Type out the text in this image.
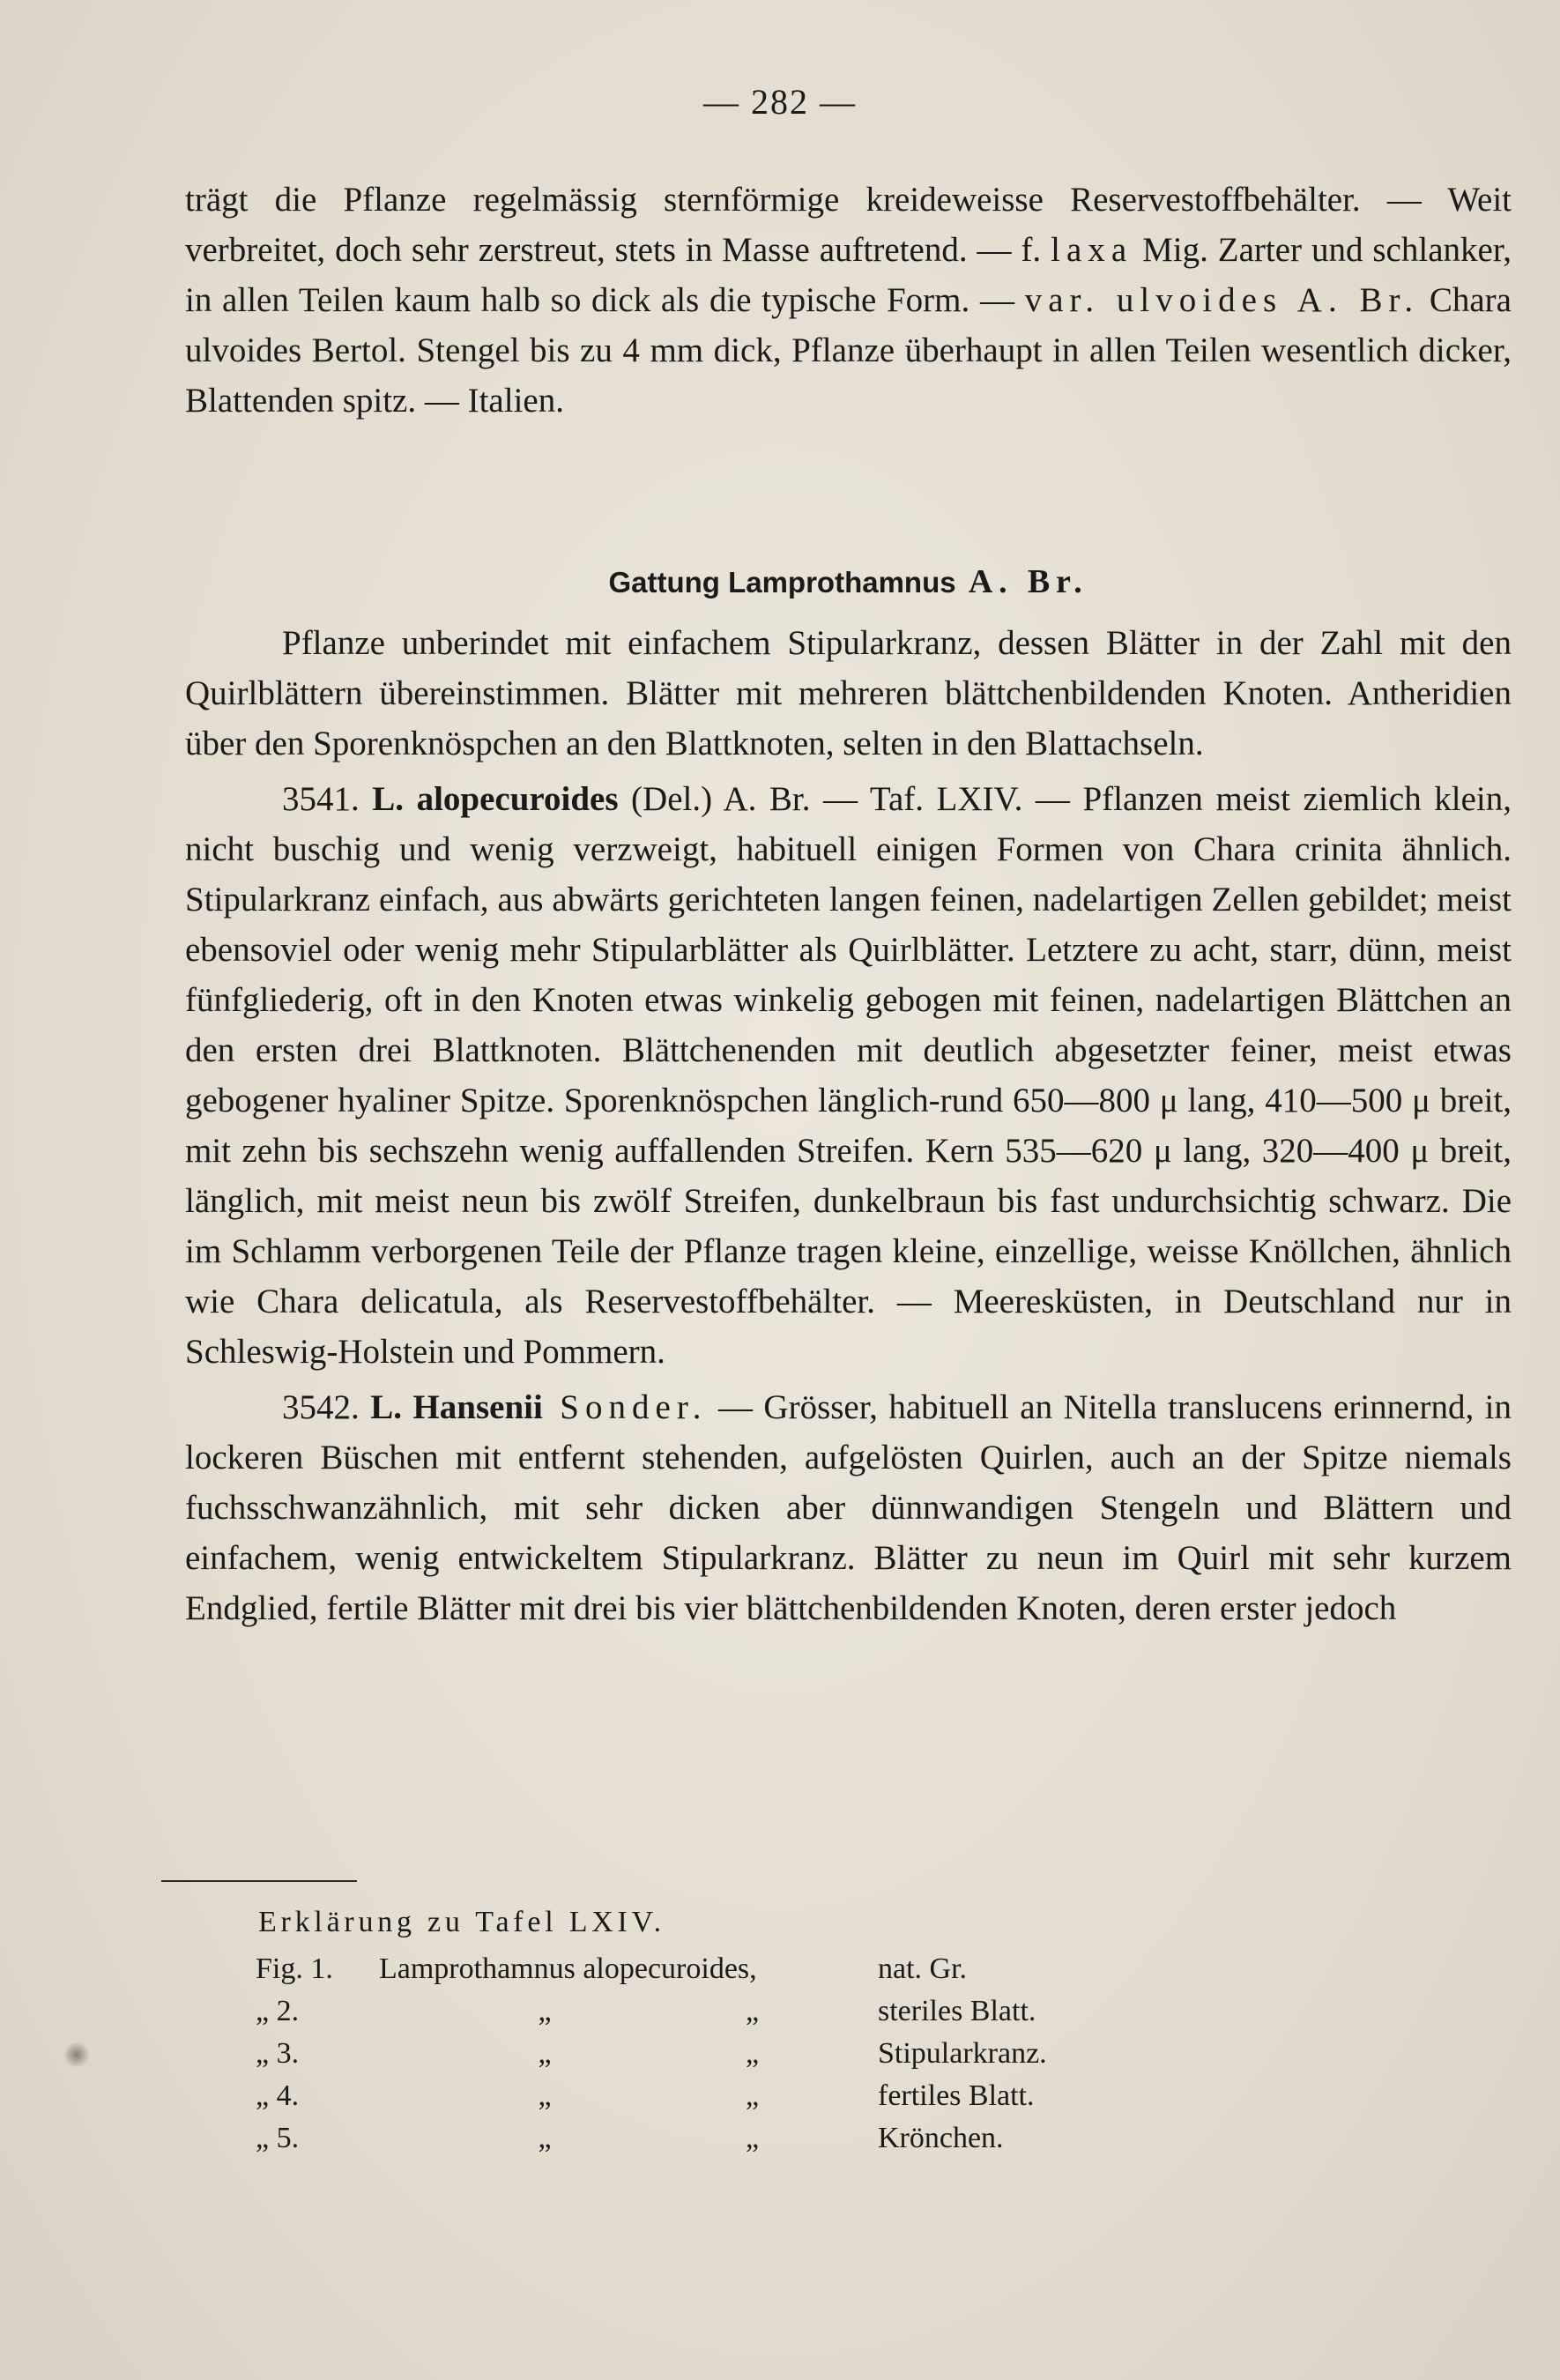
— 282 —

trägt die Pflanze regelmässig sternförmige kreideweisse Reservestoffbehälter. — Weit verbreitet, doch sehr zerstreut, stets in Masse auftretend. — f. laxa Mig. Zarter und schlanker, in allen Teilen kaum halb so dick als die typische Form. — var. ulvoides A. Br. Chara ulvoides Bertol. Stengel bis zu 4 mm dick, Pflanze überhaupt in allen Teilen wesentlich dicker, Blattenden spitz. — Italien.

Gattung Lamprothamnus A. Br.

Pflanze unberindet mit einfachem Stipularkranz, dessen Blätter in der Zahl mit den Quirlblättern übereinstimmen. Blätter mit mehreren blättchenbildenden Knoten. Antheridien über den Sporenknöspchen an den Blattknoten, selten in den Blattachseln.

3541. L. alopecuroides (Del.) A. Br. — Taf. LXIV. — Pflanzen meist ziemlich klein, nicht buschig und wenig verzweigt, habituell einigen Formen von Chara crinita ähnlich. Stipularkranz einfach, aus abwärts gerichteten langen feinen, nadelartigen Zellen gebildet; meist ebensoviel oder wenig mehr Stipularblätter als Quirlblätter. Letztere zu acht, starr, dünn, meist fünfgliederig, oft in den Knoten etwas winkelig gebogen mit feinen, nadelartigen Blättchen an den ersten drei Blattknoten. Blättchenenden mit deutlich abgesetzter feiner, meist etwas gebogener hyaliner Spitze. Sporenknöspchen länglich-rund 650—800 μ lang, 410—500 μ breit, mit zehn bis sechszehn wenig auffallenden Streifen. Kern 535—620 μ lang, 320—400 μ breit, länglich, mit meist neun bis zwölf Streifen, dunkelbraun bis fast undurchsichtig schwarz. Die im Schlamm verborgenen Teile der Pflanze tragen kleine, einzellige, weisse Knöllchen, ähnlich wie Chara delicatula, als Reservestoffbehälter. — Meeresküsten, in Deutschland nur in Schleswig-Holstein und Pommern.

3542. L. Hansenii Sonder. — Grösser, habituell an Nitella translucens erinnernd, in lockeren Büschen mit entfernt stehenden, aufgelösten Quirlen, auch an der Spitze niemals fuchsschwanzähnlich, mit sehr dicken aber dünnwandigen Stengeln und Blättern und einfachem, wenig entwickeltem Stipularkranz. Blätter zu neun im Quirl mit sehr kurzem Endglied, fertile Blätter mit drei bis vier blättchenbildenden Knoten, deren erster jedoch

Erklärung zu Tafel LXIV.
Fig. 1.	Lamprothamnus alopecuroides,		nat. Gr.
„ 2.	„	„	steriles Blatt.
„ 3.	„	„	Stipularkranz.
„ 4.	„	„	fertiles Blatt.
„ 5.	„	„	Krönchen.
